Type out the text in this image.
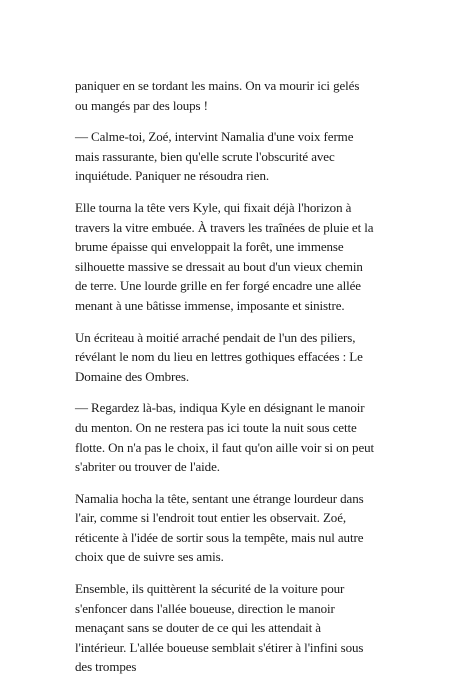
paniquer en se tordant les mains. On va mourir ici gelés ou mangés par des loups !

— Calme-toi, Zoé, intervint Namalia d'une voix ferme mais rassurante, bien qu'elle scrute l'obscurité avec inquiétude. Paniquer ne résoudra rien.

Elle tourna la tête vers Kyle, qui fixait déjà l'horizon à travers la vitre embuée. À travers les traînées de pluie et la brume épaisse qui enveloppait la forêt, une immense silhouette massive se dressait au bout d'un vieux chemin de terre. Une lourde grille en fer forgé encadre une allée menant à une bâtisse immense, imposante et sinistre.

Un écriteau à moitié arraché pendait de l'un des piliers, révélant le nom du lieu en lettres gothiques effacées : Le Domaine des Ombres.

— Regardez là-bas, indiqua Kyle en désignant le manoir du menton. On ne restera pas ici toute la nuit sous cette flotte. On n'a pas le choix, il faut qu'on aille voir si on peut s'abriter ou trouver de l'aide.

Namalia hocha la tête, sentant une étrange lourdeur dans l'air, comme si l'endroit tout entier les observait. Zoé, réticente à l'idée de sortir sous la tempête, mais nul autre choix que de suivre ses amis.

Ensemble, ils quittèrent la sécurité de la voiture pour s'enfoncer dans l'allée boueuse, direction le manoir menaçant sans se douter de ce qui les attendait à l'intérieur. L'allée boueuse semblait s'étirer à l'infini sous des trompes
